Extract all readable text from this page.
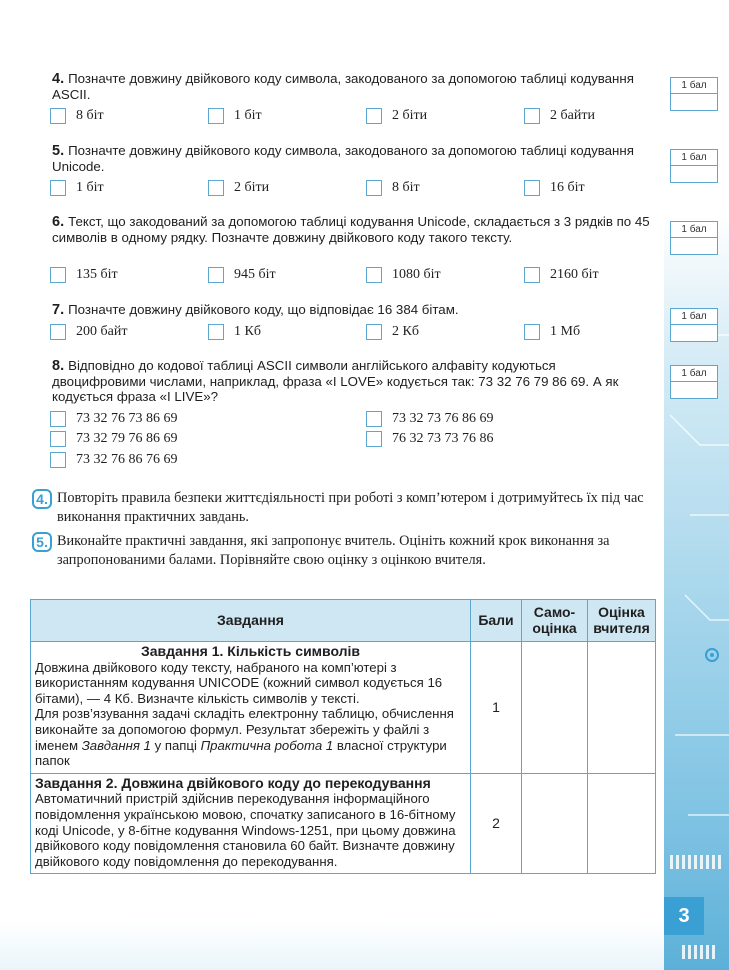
3
1 бал
1 бал
1 бал
1 бал
1 бал
4. Позначте довжину двійкового коду символа, закодованого за допомогою таблиці кодування ASCII.
8 біт	1 біт	2 біти	2 байти
5. Позначте довжину двійкового коду символа, закодованого за допомогою таблиці кодування Unicode.
1 біт	2 біти	8 біт	16 біт
6. Текст, що закодований за допомогою таблиці кодування Unicode, складається з 3 рядків по 45 символів в одному рядку. Позначте довжину двійкового коду такого тексту.
135 біт	945 біт	1080 біт	2160 біт
7. Позначте довжину двійкового коду, що відповідає 16 384 бітам.
200 байт	1 Кб	2 Кб	1 Мб
8. Відповідно до кодової таблиці ASCII символи англійського алфавіту кодуються двоцифровими числами, наприклад, фраза «I LOVE» кодується так: 73 32 76 79 86 69. А як кодується фраза «I LIVE»?
73 32 76 73 86 69	73 32 73 76 86 69
73 32 79 76 86 69	76 32 73 73 76 86
73 32 76 86 76 69
4. Повторіть правила безпеки життєдіяльності при роботі з комп’ютером і дотримуйтесь їх під час виконання практичних завдань.
5. Виконайте практичні завдання, які запропонує вчитель. Оцініть кожний крок виконання за запропонованими балами. Порівняйте свою оцінку з оцінкою вчителя.
Завдання	Бали	Само-оцінка	Оцінка вчителя

Завдання 1. Кількість символів
Довжина двійкового коду тексту, набраного на комп’ютері з використанням кодування UNICODE (кожний символ кодується 16 бітами), — 4 Кб. Визначте кількість символів у тексті.
Для розв’язування задачі складіть електронну таблицю, обчислення виконайте за допомогою формул. Результат збережіть у файлі з іменем Завдання 1 у папці Практична робота 1 власної структури папок	1		

Завдання 2. Довжина двійкового коду до перекодування
Автоматичний пристрій здійснив перекодування інформаційного повідомлення українською мовою, спочатку записаного в 16-бітному коді Unicode, у 8-бітне кодування Windows-1251, при цьому довжина двійкового коду повідомлення становила 60 байт. Визначте довжину двійкового коду повідомлення до перекодування.	2		
